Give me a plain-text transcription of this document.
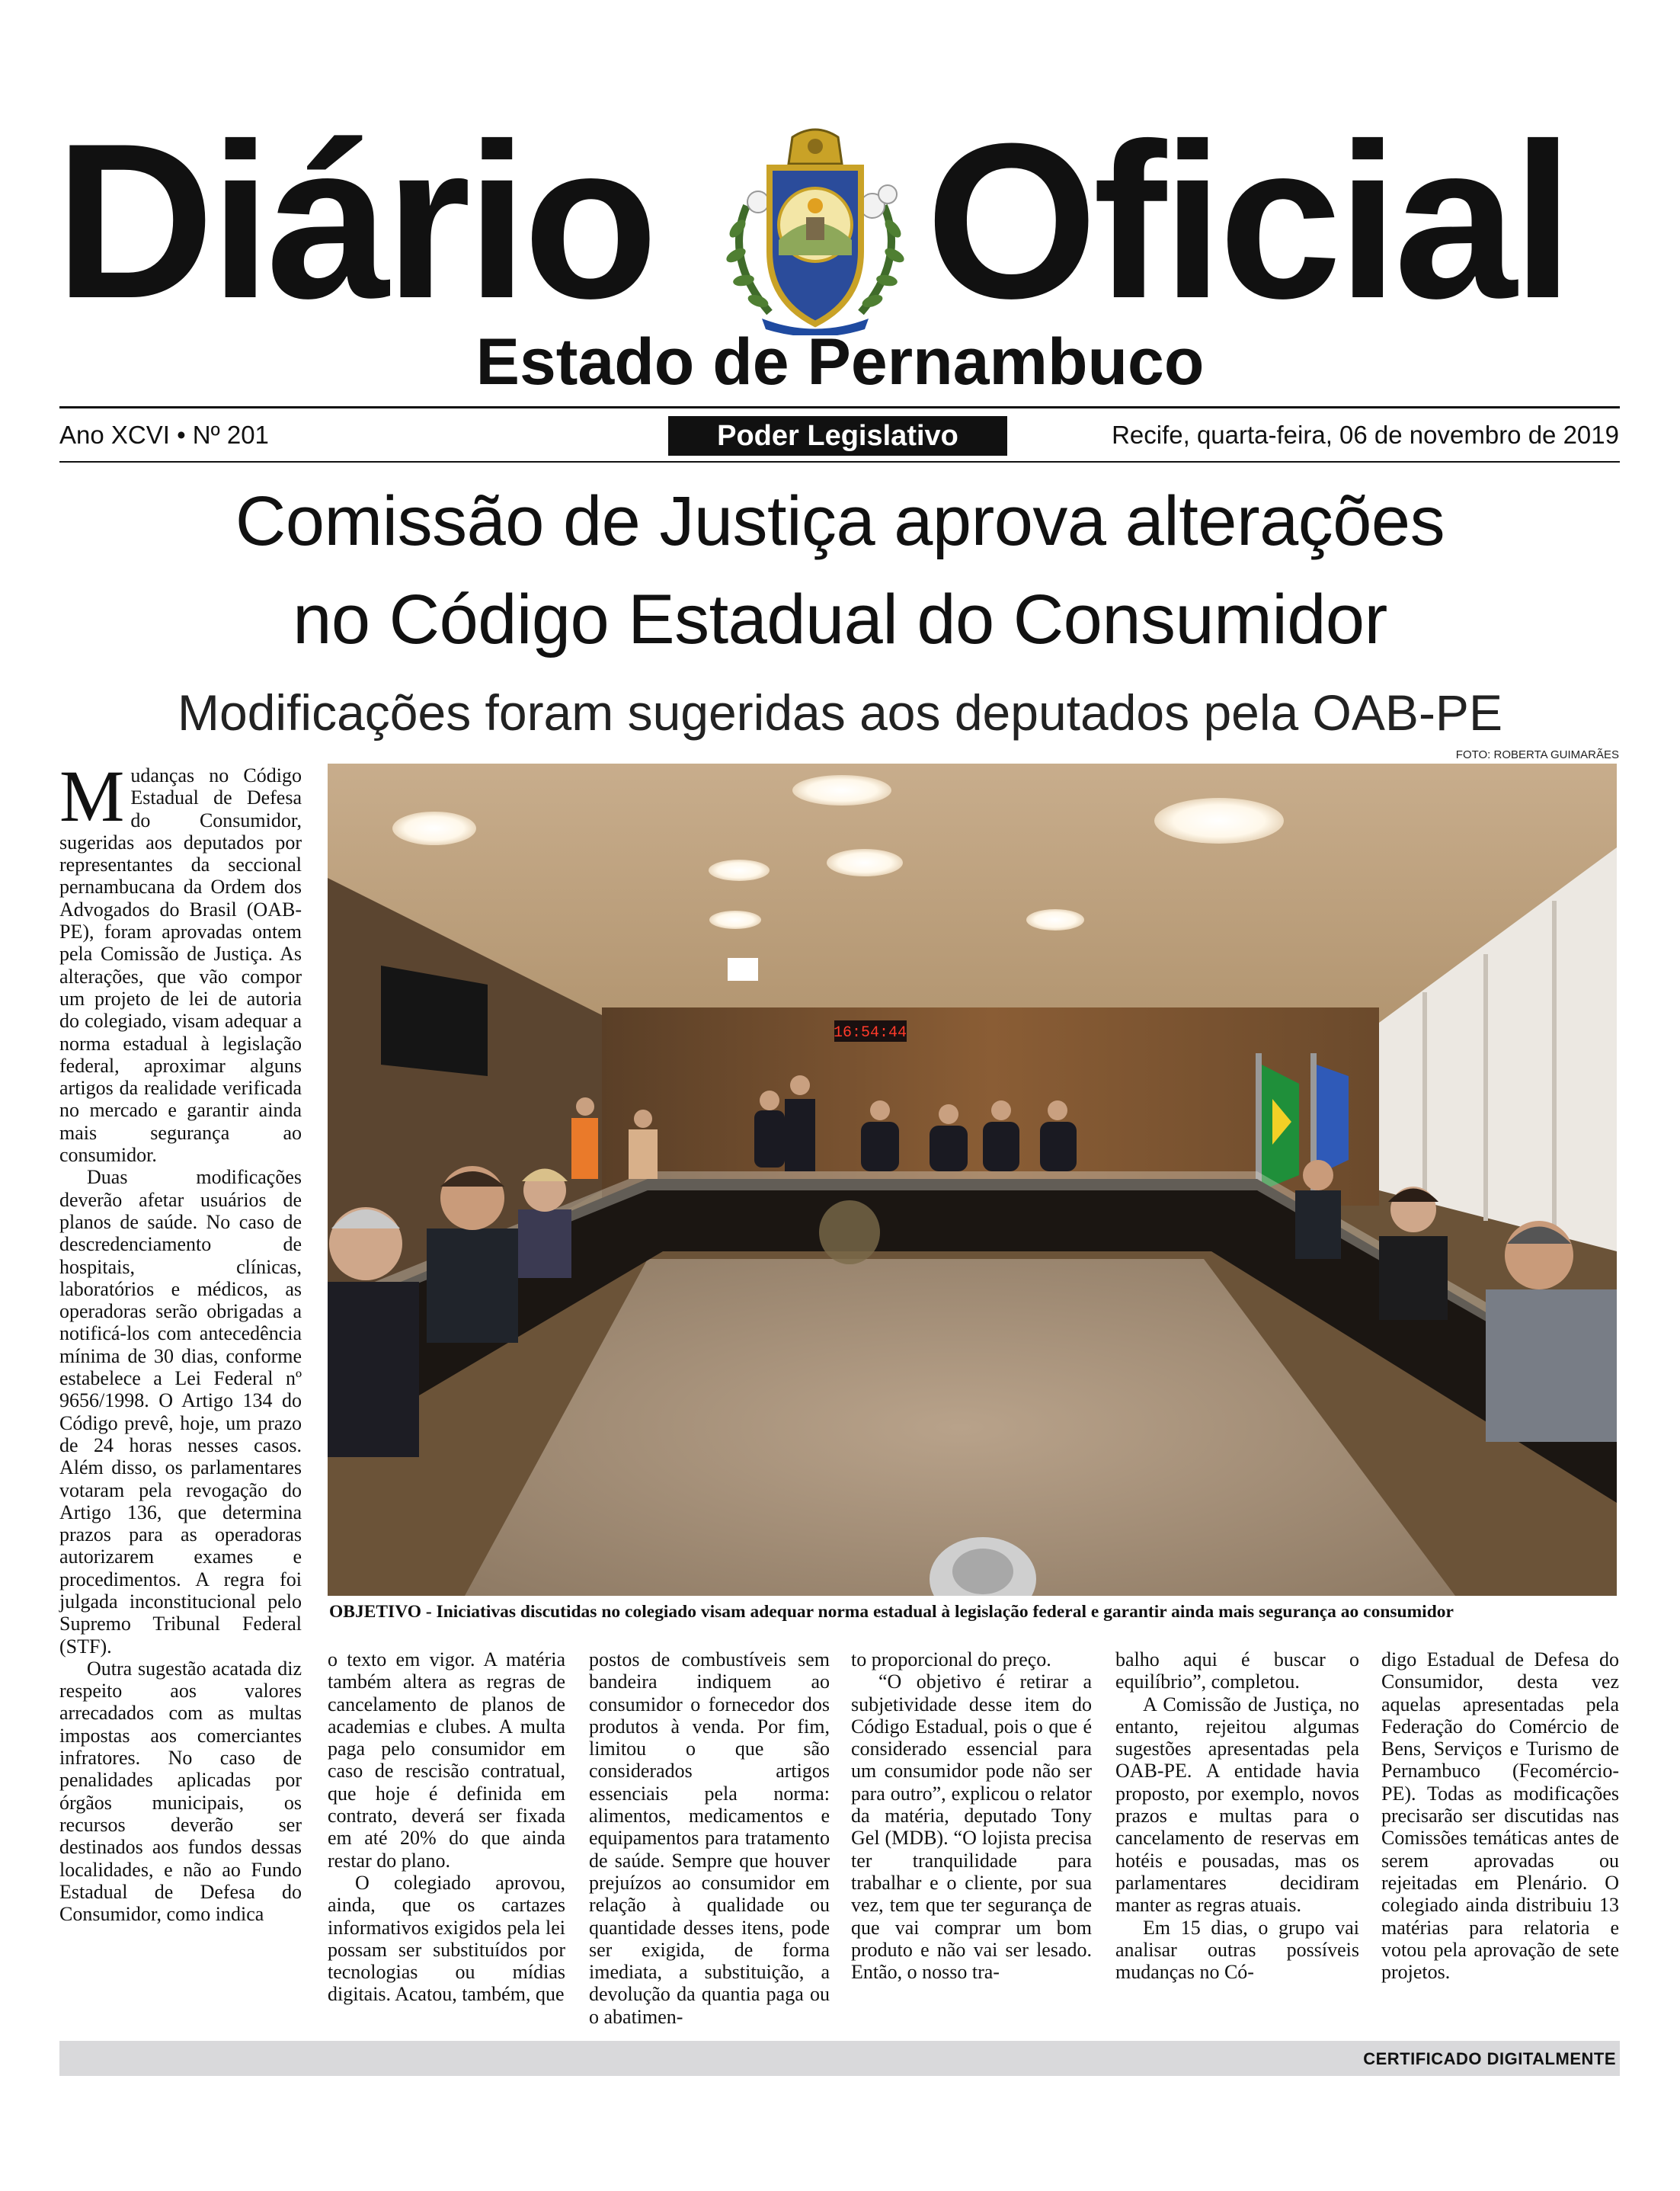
Diário Oficial
Estado de Pernambuco
Ano XCVI • Nº 201	Poder Legislativo	Recife, quarta-feira, 06 de novembro de 2019
Comissão de Justiça aprova alterações
no Código Estadual do Consumidor
Modificações foram sugeridas aos deputados pela OAB-PE
FOTO: ROBERTA GUIMARÃES
16:54:44
OBJETIVO - Iniciativas discutidas no colegiado visam adequar norma estadual à legislação federal e garantir ainda mais segurança ao consumidor

Mudanças no Código Estadual de Defesa do Consumidor, sugeridas aos deputados por representantes da seccional pernambucana da Ordem dos Advogados do Brasil (OAB-PE), foram aprovadas ontem pela Comissão de Justiça. As alterações, que vão compor um projeto de lei de autoria do colegiado, visam adequar a norma estadual à legislação federal, aproximar alguns artigos da realidade verificada no mercado e garantir ainda mais segurança ao consumidor.

Duas modificações deverão afetar usuários de planos de saúde. No caso de descredenciamento de hospitais, clínicas, laboratórios e médicos, as operadoras serão obrigadas a notificá-los com antecedência mínima de 30 dias, conforme estabelece a Lei Federal nº 9656/1998. O Artigo 134 do Código prevê, hoje, um prazo de 24 horas nesses casos. Além disso, os parlamentares votaram pela revogação do Artigo 136, que determina prazos para as operadoras autorizarem exames e procedimentos. A regra foi julgada inconstitucional pelo Supremo Tribunal Federal (STF).

Outra sugestão acatada diz respeito aos valores arrecadados com as multas impostas aos comerciantes infratores. No caso de penalidades aplicadas por órgãos municipais, os recursos deverão ser destinados aos fundos dessas localidades, e não ao Fundo Estadual de Defesa do Consumidor, como indica

o texto em vigor. A matéria também altera as regras de cancelamento de planos de academias e clubes. A multa paga pelo consumidor em caso de rescisão contratual, que hoje é definida em contrato, deverá ser fixada em até 20% do que ainda restar do plano.

O colegiado aprovou, ainda, que os cartazes informativos exigidos pela lei possam ser substituídos por tecnologias ou mídias digitais. Acatou, também, que

postos de combustíveis sem bandeira indiquem ao consumidor o fornecedor dos produtos à venda. Por fim, limitou o que são considerados artigos essenciais pela norma: alimentos, medicamentos e equipamentos para tratamento de saúde. Sempre que houver prejuízos ao consumidor em relação à qualidade ou quantidade desses itens, pode ser exigida, de forma imediata, a substituição, a devolução da quantia paga ou o abatimen-

to proporcional do preço.

“O objetivo é retirar a subjetividade desse item do Código Estadual, pois o que é considerado essencial para um consumidor pode não ser para outro”, explicou o relator da matéria, deputado Tony Gel (MDB). “O lojista precisa ter tranquilidade para trabalhar e o cliente, por sua vez, tem que ter segurança de que vai comprar um bom produto e não vai ser lesado. Então, o nosso tra-

balho aqui é buscar o equilíbrio”, completou.

A Comissão de Justiça, no entanto, rejeitou algumas sugestões apresentadas pela OAB-PE. A entidade havia proposto, por exemplo, novos prazos e multas para o cancelamento de reservas em hotéis e pousadas, mas os parlamentares decidiram manter as regras atuais.

Em 15 dias, o grupo vai analisar outras possíveis mudanças no Có-

digo Estadual de Defesa do Consumidor, desta vez aquelas apresentadas pela Federação do Comércio de Bens, Serviços e Turismo de Pernambuco (Fecomércio-PE). Todas as modificações precisarão ser discutidas nas Comissões temáticas antes de serem aprovadas ou rejeitadas em Plenário. O colegiado ainda distribuiu 13 matérias para relatoria e votou pela aprovação de sete projetos.

CERTIFICADO DIGITALMENTE
